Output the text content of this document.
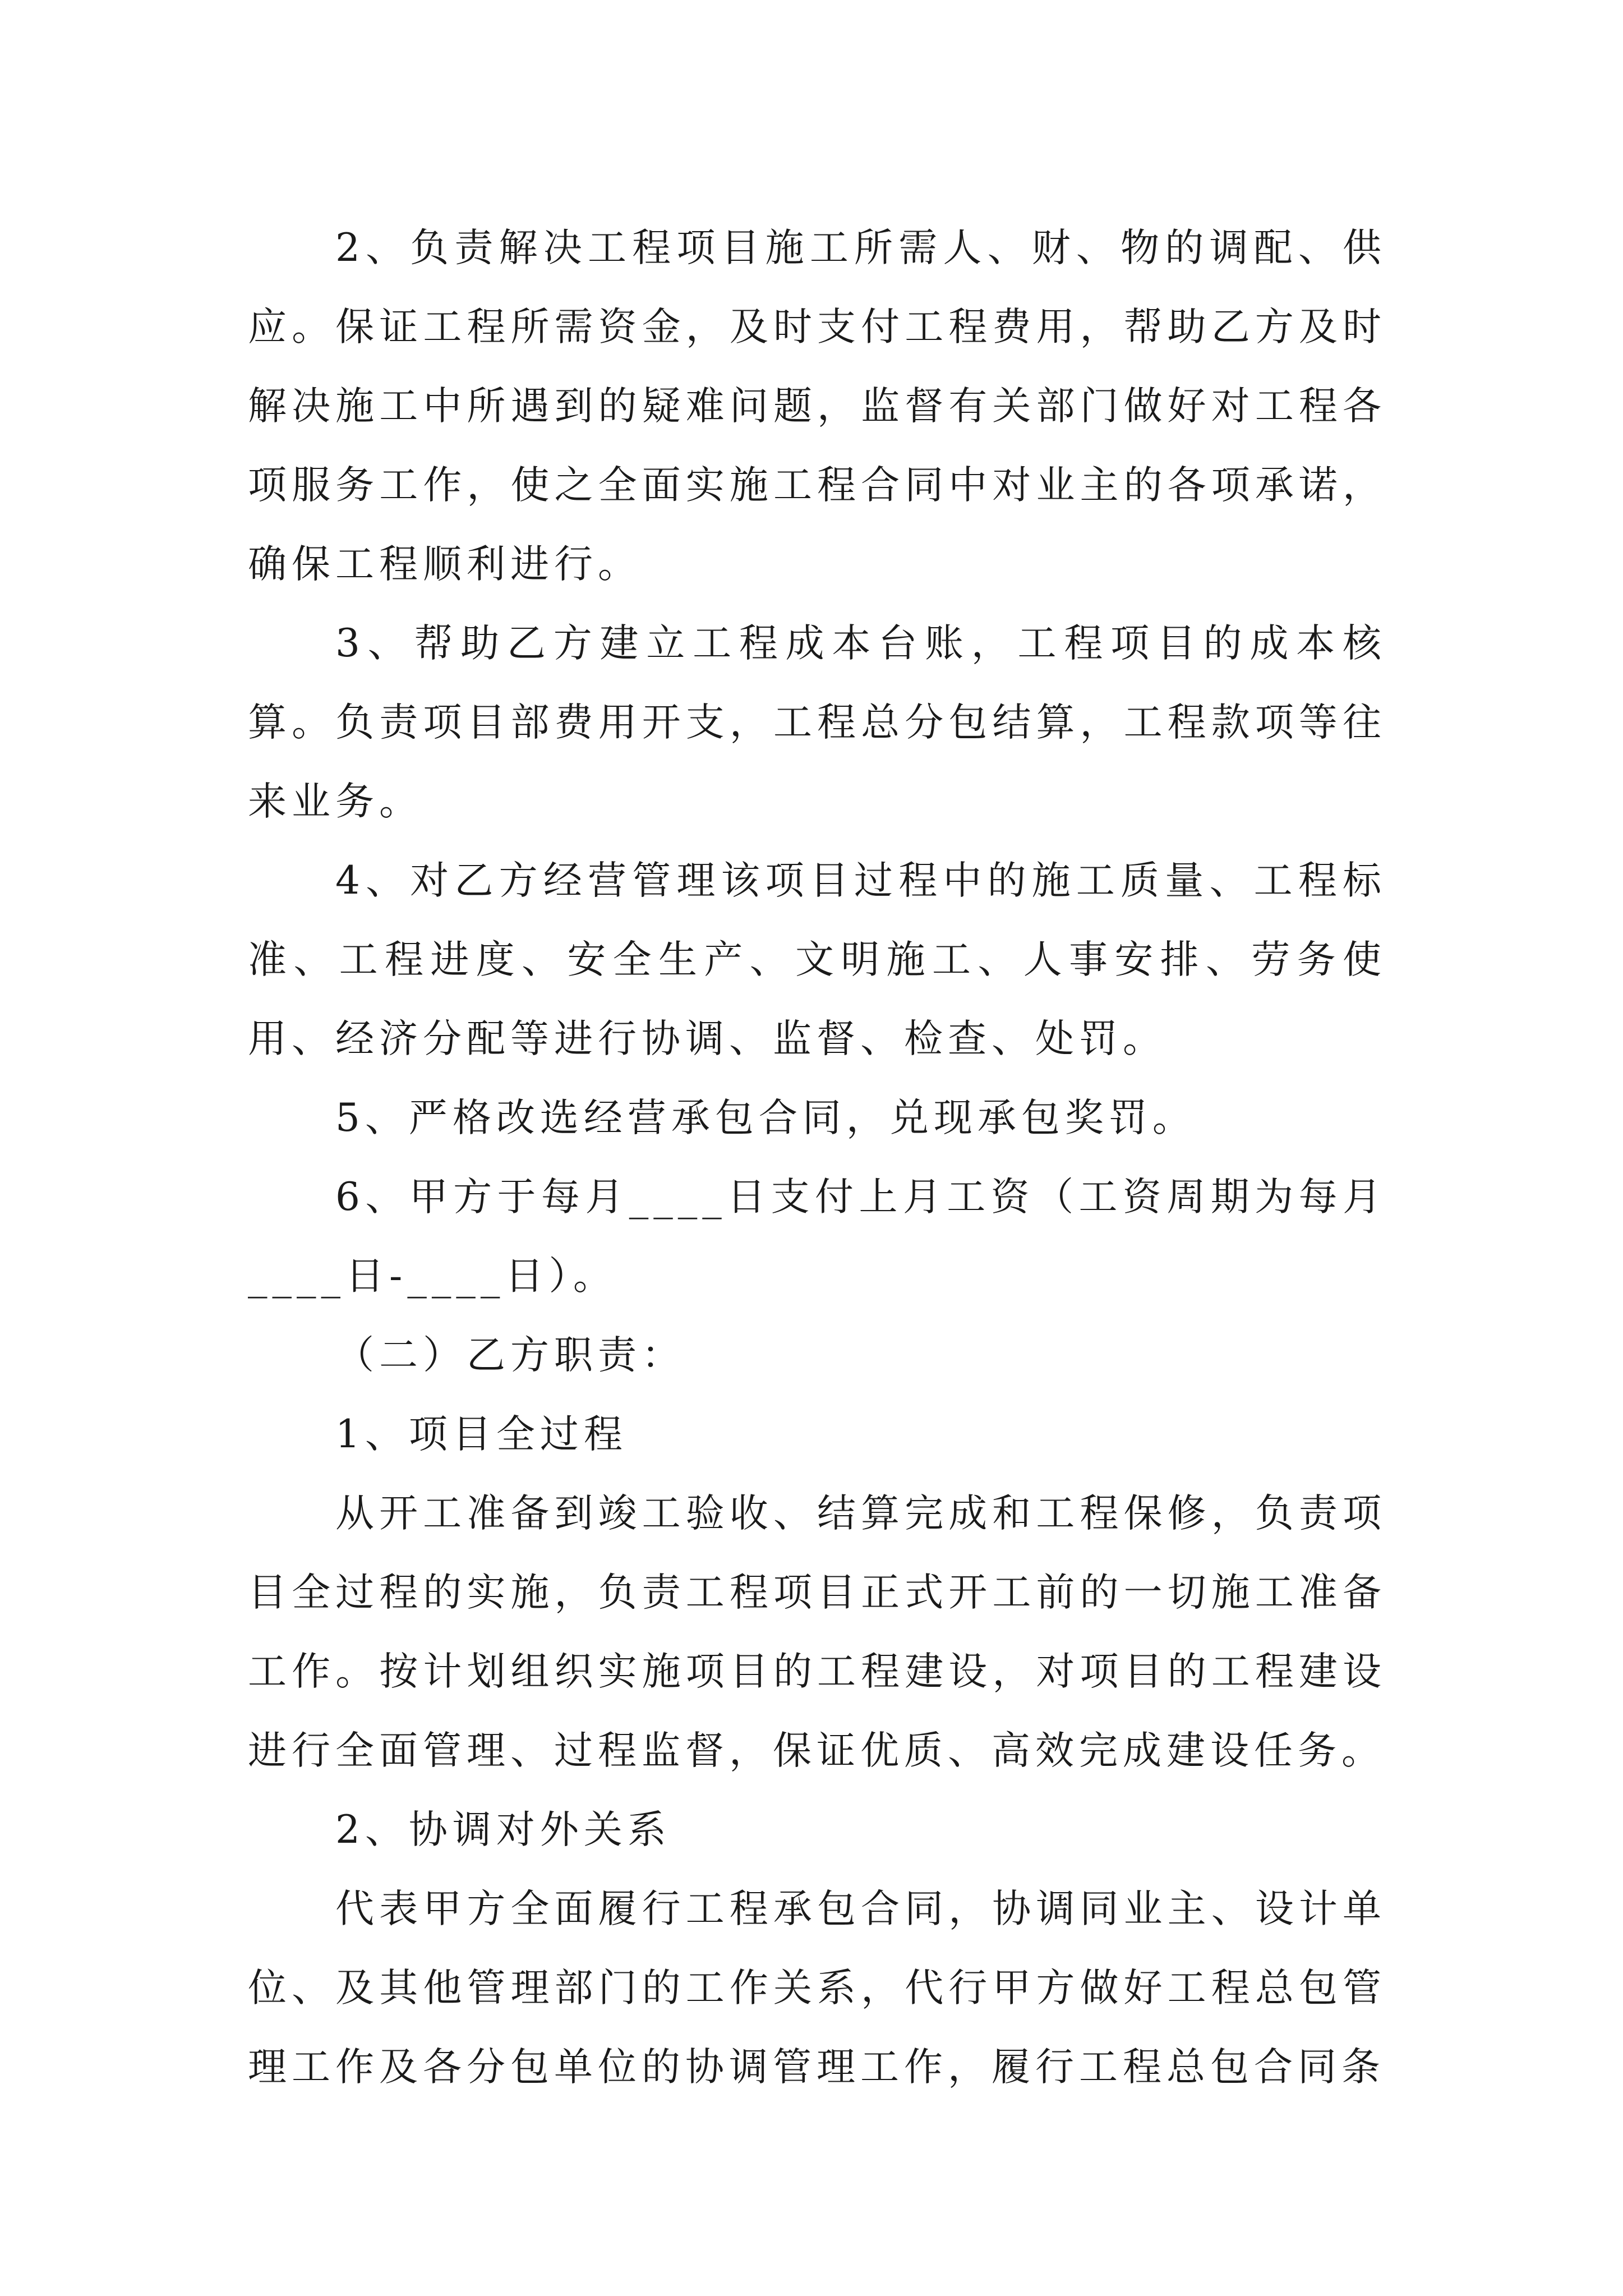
2、负责解决工程项目施工所需人、财、物的调配、供应。保证工程所需资金，及时支付工程费用，帮助乙方及时解决施工中所遇到的疑难问题，监督有关部门做好对工程各项服务工作，使之全面实施工程合同中对业主的各项承诺，确保工程顺利进行。

3、帮助乙方建立工程成本台账，工程项目的成本核算。负责项目部费用开支，工程总分包结算，工程款项等往来业务。

4、对乙方经营管理该项目过程中的施工质量、工程标准、工程进度、安全生产、文明施工、人事安排、劳务使用、经济分配等进行协调、监督、检查、处罚。

5、严格改选经营承包合同，兑现承包奖罚。

6、甲方于每月____日支付上月工资（工资周期为每月____日-____日）。

（二）乙方职责：

1、项目全过程

从开工准备到竣工验收、结算完成和工程保修，负责项目全过程的实施，负责工程项目正式开工前的一切施工准备工作。按计划组织实施项目的工程建设，对项目的工程建设进行全面管理、过程监督，保证优质、高效完成建设任务。

2、协调对外关系

代表甲方全面履行工程承包合同，协调同业主、设计单位、及其他管理部门的工作关系，代行甲方做好工程总包管理工作及各分包单位的协调管理工作，履行工程总包合同条
